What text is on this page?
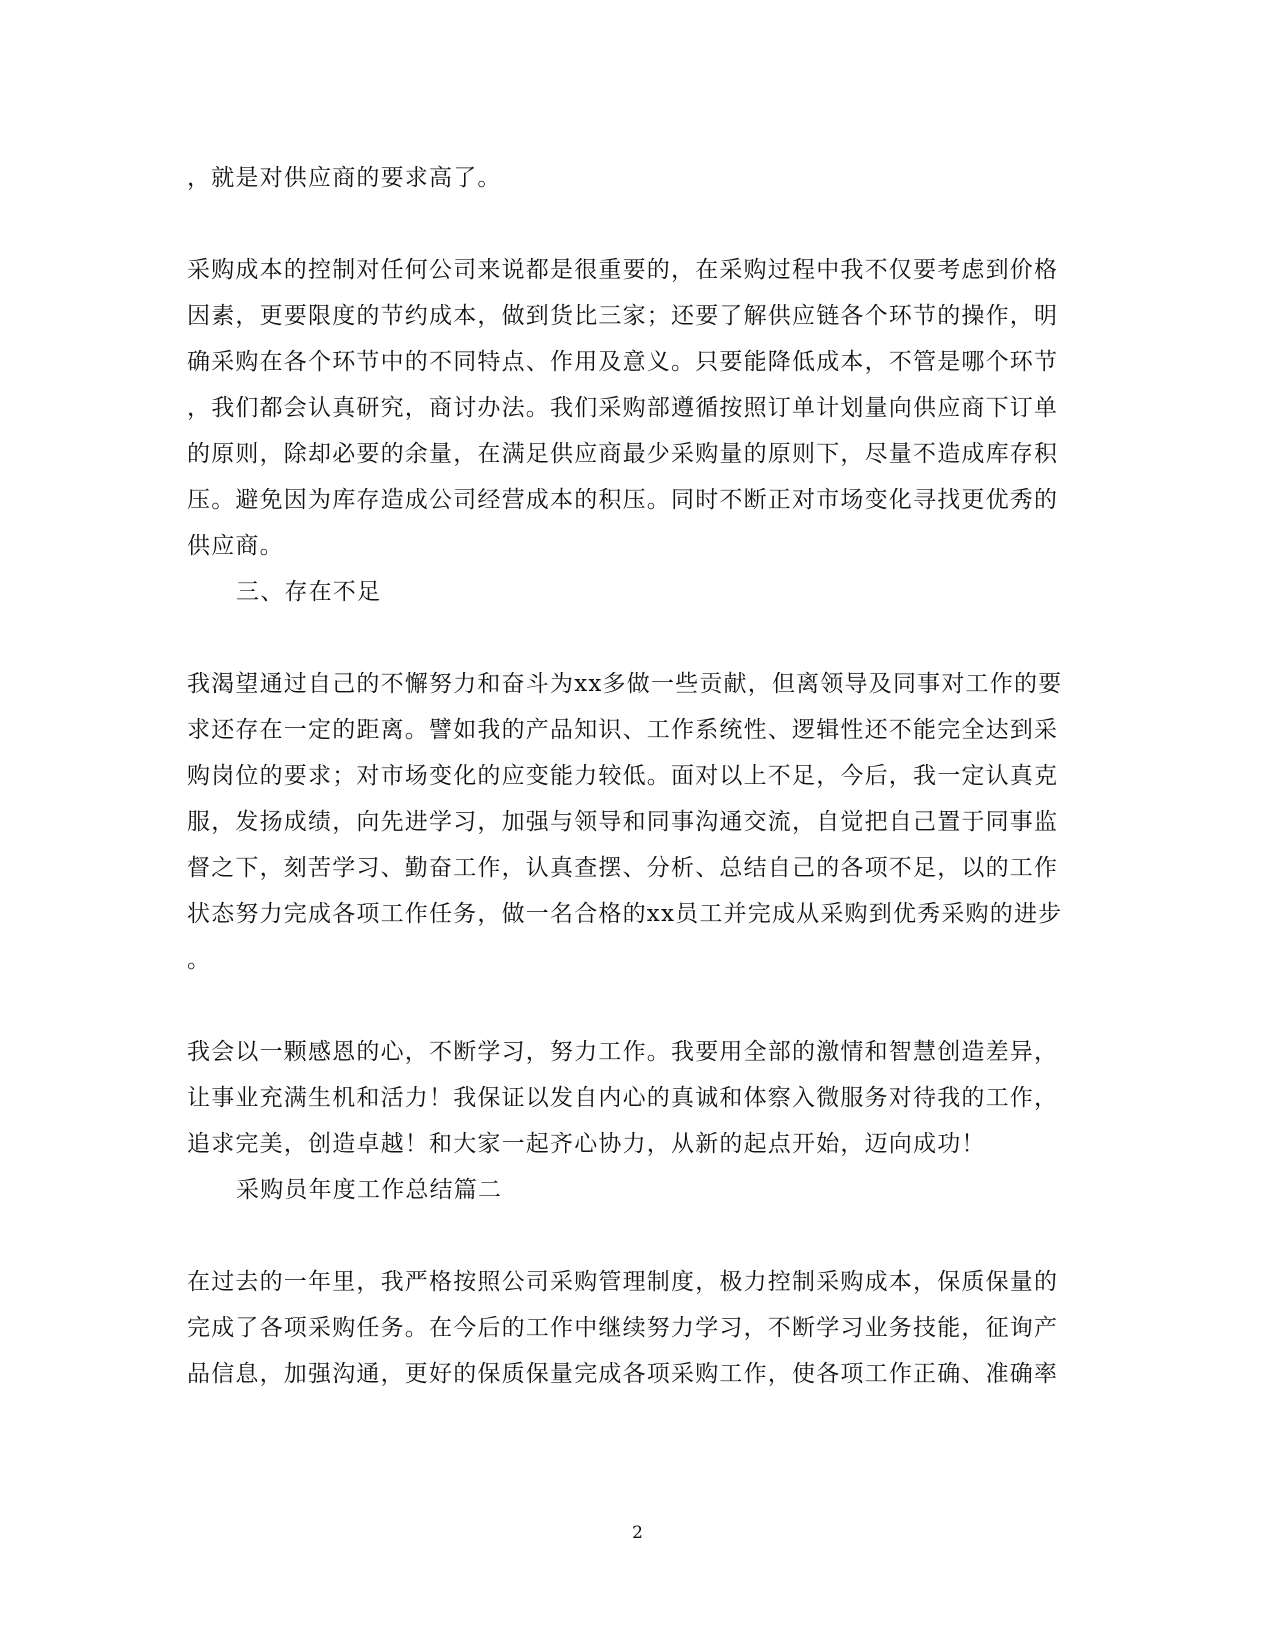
，就是对供应商的要求高了。
采购成本的控制对任何公司来说都是很重要的，在采购过程中我不仅要考虑到价格
因素，更要限度的节约成本，做到货比三家；还要了解供应链各个环节的操作，明
确采购在各个环节中的不同特点、作用及意义。只要能降低成本，不管是哪个环节
，我们都会认真研究，商讨办法。我们采购部遵循按照订单计划量向供应商下订单
的原则，除却必要的余量，在满足供应商最少采购量的原则下，尽量不造成库存积
压。避免因为库存造成公司经营成本的积压。同时不断正对市场变化寻找更优秀的
供应商。
三、存在不足
我渴望通过自己的不懈努力和奋斗为xx多做一些贡献，但离领导及同事对工作的要
求还存在一定的距离。譬如我的产品知识、工作系统性、逻辑性还不能完全达到采
购岗位的要求；对市场变化的应变能力较低。面对以上不足，今后，我一定认真克
服，发扬成绩，向先进学习，加强与领导和同事沟通交流，自觉把自己置于同事监
督之下，刻苦学习、勤奋工作，认真查摆、分析、总结自己的各项不足，以的工作
状态努力完成各项工作任务，做一名合格的xx员工并完成从采购到优秀采购的进步
。
我会以一颗感恩的心，不断学习，努力工作。我要用全部的激情和智慧创造差异，
让事业充满生机和活力！我保证以发自内心的真诚和体察入微服务对待我的工作，
追求完美，创造卓越！和大家一起齐心协力，从新的起点开始，迈向成功！
采购员年度工作总结篇二
在过去的一年里，我严格按照公司采购管理制度，极力控制采购成本，保质保量的
完成了各项采购任务。在今后的工作中继续努力学习，不断学习业务技能，征询产
品信息，加强沟通，更好的保质保量完成各项采购工作，使各项工作正确、准确率
2
